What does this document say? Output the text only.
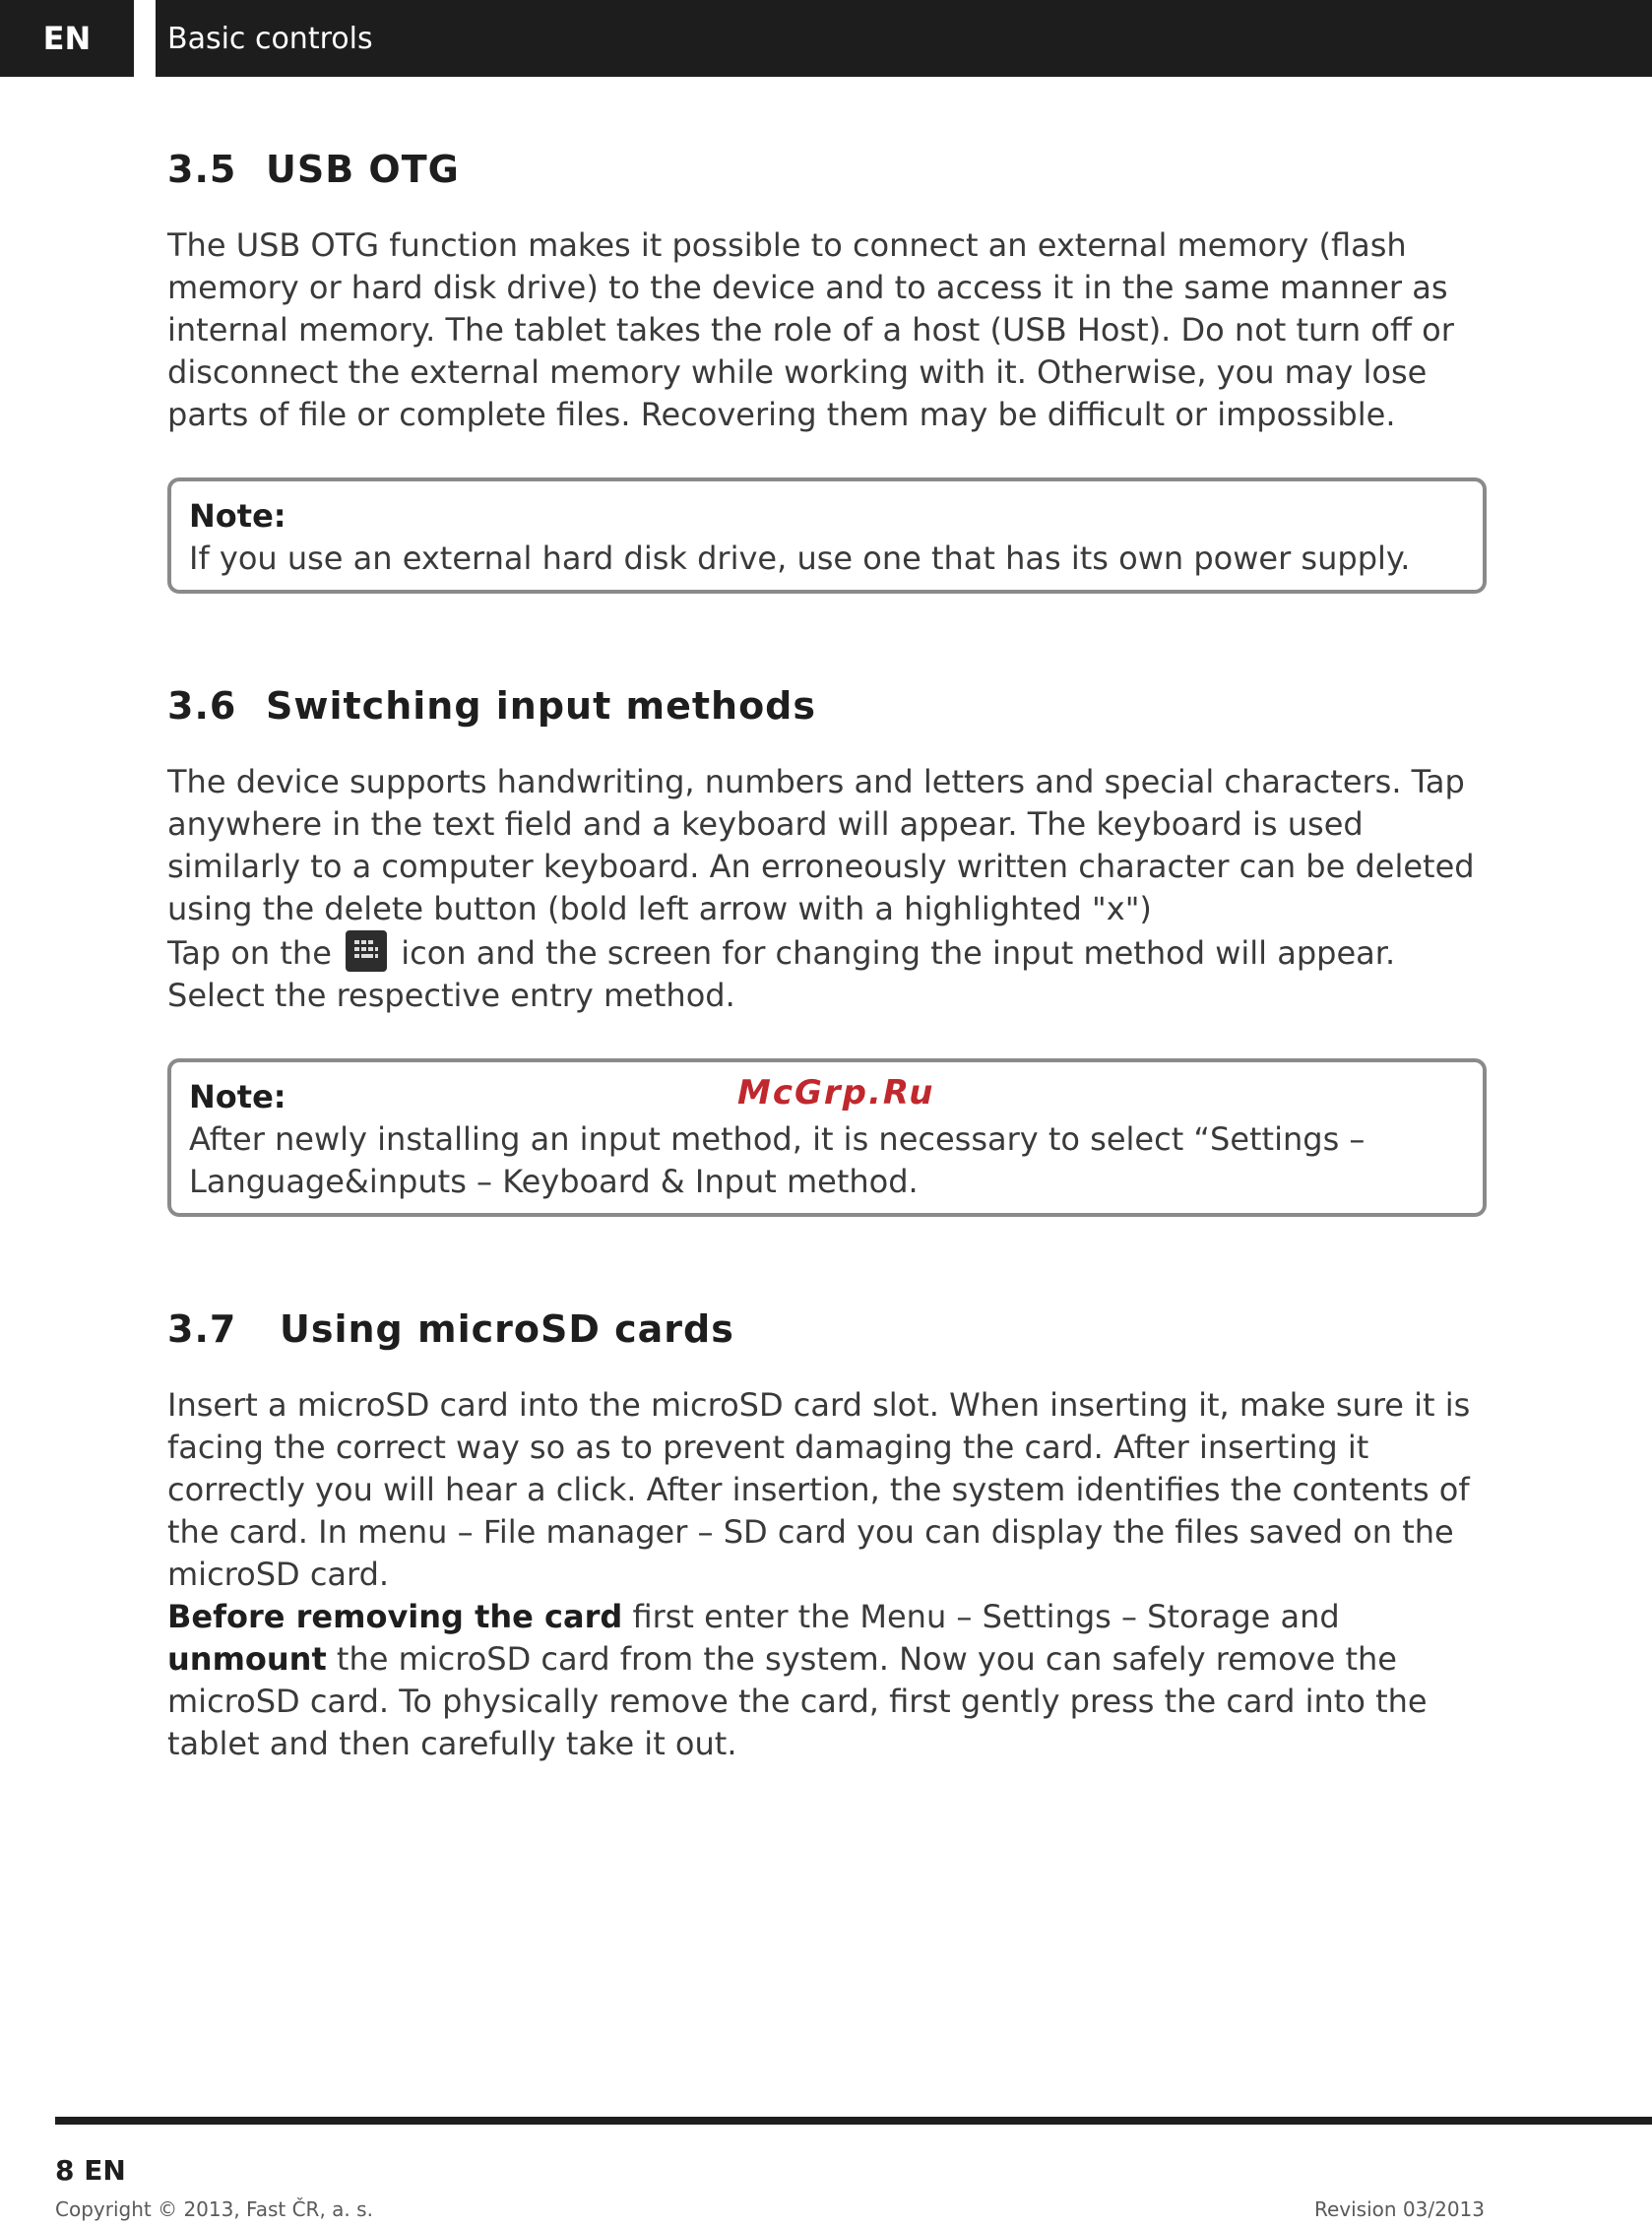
EN	Basic controls
3.5 USB OTG

The USB OTG function makes it possible to connect an external memory (flash memory or hard disk drive) to the device and to access it in the same manner as internal memory. The tablet takes the role of a host (USB Host). Do not turn off or disconnect the external memory while working with it. Otherwise, you may lose parts of file or complete files. Recovering them may be difficult or impossible.

Note:
If you use an external hard disk drive, use one that has its own power supply.
3.6 Switching input methods

The device supports handwriting, numbers and letters and special characters. Tap anywhere in the text field and a keyboard will appear. The keyboard is used similarly to a computer keyboard. An erroneously written character can be deleted using the delete button (bold left arrow with a highlighted "x")

Tap on the icon and the screen for changing the input method will appear. Select the respective entry method.

Note:
After newly installing an input method, it is necessary to select “Settings – Language&inputs – Keyboard & Input method.
McGrp.Ru
3.7 Using microSD cards

Insert a microSD card into the microSD card slot. When inserting it, make sure it is facing the correct way so as to prevent damaging the card. After inserting it correctly you will hear a click. After insertion, the system identifies the contents of the card. In menu – File manager – SD card you can display the files saved on the microSD card.

Before removing the card first enter the Menu – Settings – Storage and unmount the microSD card from the system. Now you can safely remove the microSD card. To physically remove the card, first gently press the card into the tablet and then carefully take it out.

8 EN
Copyright © 2013, Fast ČR, a. s.	Revision 03/2013
